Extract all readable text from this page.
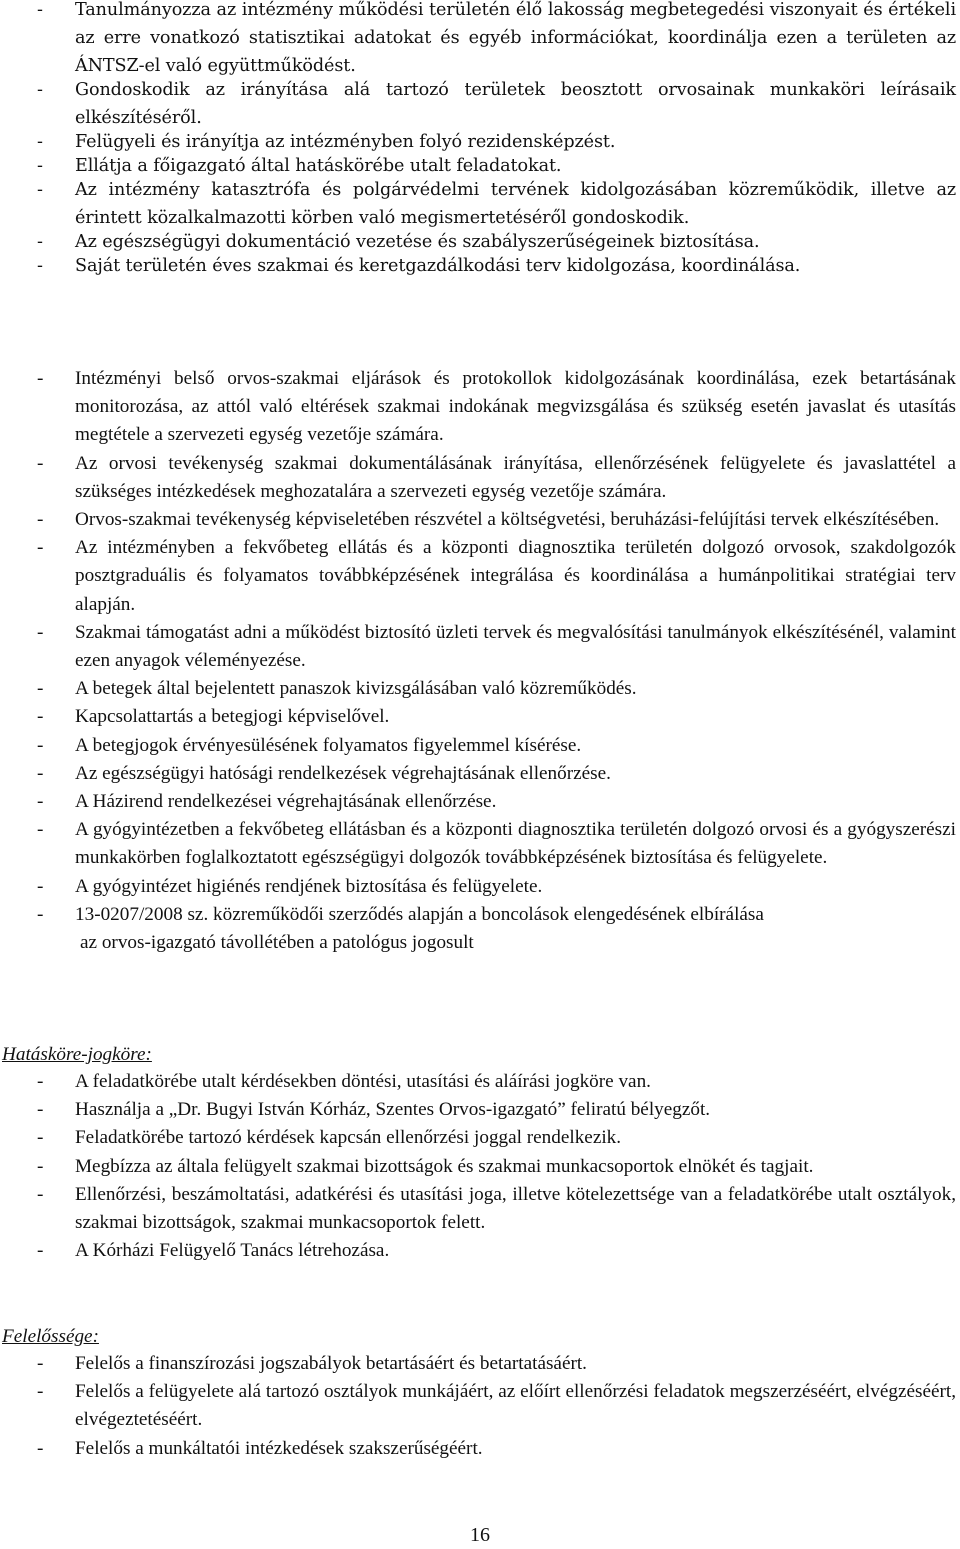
- Tanulmányozza az intézmény működési területén élő lakosság megbetegedési viszonyait és értékeli az erre vonatkozó statisztikai adatokat és egyéb információkat, koordinálja ezen a területen az ÁNTSZ-el való együttműködést.
- Gondoskodik az irányítása alá tartozó területek beosztott orvosainak munkaköri leírásaik elkészítéséről.
- Felügyeli és irányítja az intézményben folyó rezidensképzést.
- Ellátja a főigazgató által hatáskörébe utalt feladatokat.
- Az intézmény katasztrófa és polgárvédelmi tervének kidolgozásában közreműködik, illetve az érintett közalkalmazotti körben való megismertetéséről gondoskodik.
- Az egészségügyi dokumentáció vezetése és szabályszerűségeinek biztosítása.
- Saját területén éves szakmai és keretgazdálkodási terv kidolgozása, koordinálása.
- Intézményi belső orvos-szakmai eljárások és protokollok kidolgozásának koordinálása, ezek betartásának monitorozása, az attól való eltérések szakmai indokának megvizsgálása és szükség esetén javaslat és utasítás megtétele a szervezeti egység vezetője számára.
- Az orvosi tevékenység szakmai dokumentálásának irányítása, ellenőrzésének felügyelete és javaslattétel a szükséges intézkedések meghozatalára a szervezeti egység vezetője számára.
- Orvos-szakmai tevékenység képviseletében részvétel a költségvetési, beruházási-felújítási tervek elkészítésében.
- Az intézményben a fekvőbeteg ellátás és a központi diagnosztika területén dolgozó orvosok, szakdolgozók posztgraduális és folyamatos továbbképzésének integrálása és koordinálása a humánpolitikai stratégiai terv alapján.
- Szakmai támogatást adni a működést biztosító üzleti tervek és megvalósítási tanulmányok elkészítésénél, valamint ezen anyagok véleményezése.
- A betegek által bejelentett panaszok kivizsgálásában való közreműködés.
- Kapcsolattartás a betegjogi képviselővel.
- A betegjogok érvényesülésének folyamatos figyelemmel kísérése.
- Az egészségügyi hatósági rendelkezések végrehajtásának ellenőrzése.
- A Házirend rendelkezései végrehajtásának ellenőrzése.
- A gyógyintézetben a fekvőbeteg ellátásban és a központi diagnosztika területén dolgozó orvosi és a gyógyszerészi munkakörben foglalkoztatott egészségügyi dolgozók továbbképzésének biztosítása és felügyelete.
- A gyógyintézet higiénés rendjének biztosítása és felügyelete.
- 13-0207/2008 sz. közreműködői szerződés alapján a boncolások elengedésének elbírálása
az orvos-igazgató távollétében a patológus jogosult
Hatásköre-jogköre:
- A feladatkörébe utalt kérdésekben döntési, utasítási és aláírási jogköre van.
- Használja a „Dr. Bugyi István Kórház, Szentes Orvos-igazgató” feliratú bélyegzőt.
- Feladatkörébe tartozó kérdések kapcsán ellenőrzési joggal rendelkezik.
- Megbízza az általa felügyelt szakmai bizottságok és szakmai munkacsoportok elnökét és tagjait.
- Ellenőrzési, beszámoltatási, adatkérési és utasítási joga, illetve kötelezettsége van a feladatkörébe utalt osztályok, szakmai bizottságok, szakmai munkacsoportok felett.
- A Kórházi Felügyelő Tanács létrehozása.
Felelőssége:
- Felelős a finanszírozási jogszabályok betartásáért és betartatásáért.
- Felelős a felügyelete alá tartozó osztályok munkájáért, az előírt ellenőrzési feladatok megszerzéséért, elvégzéséért, elvégeztetéséért.
- Felelős a munkáltatói intézkedések szakszerűségéért.
16
